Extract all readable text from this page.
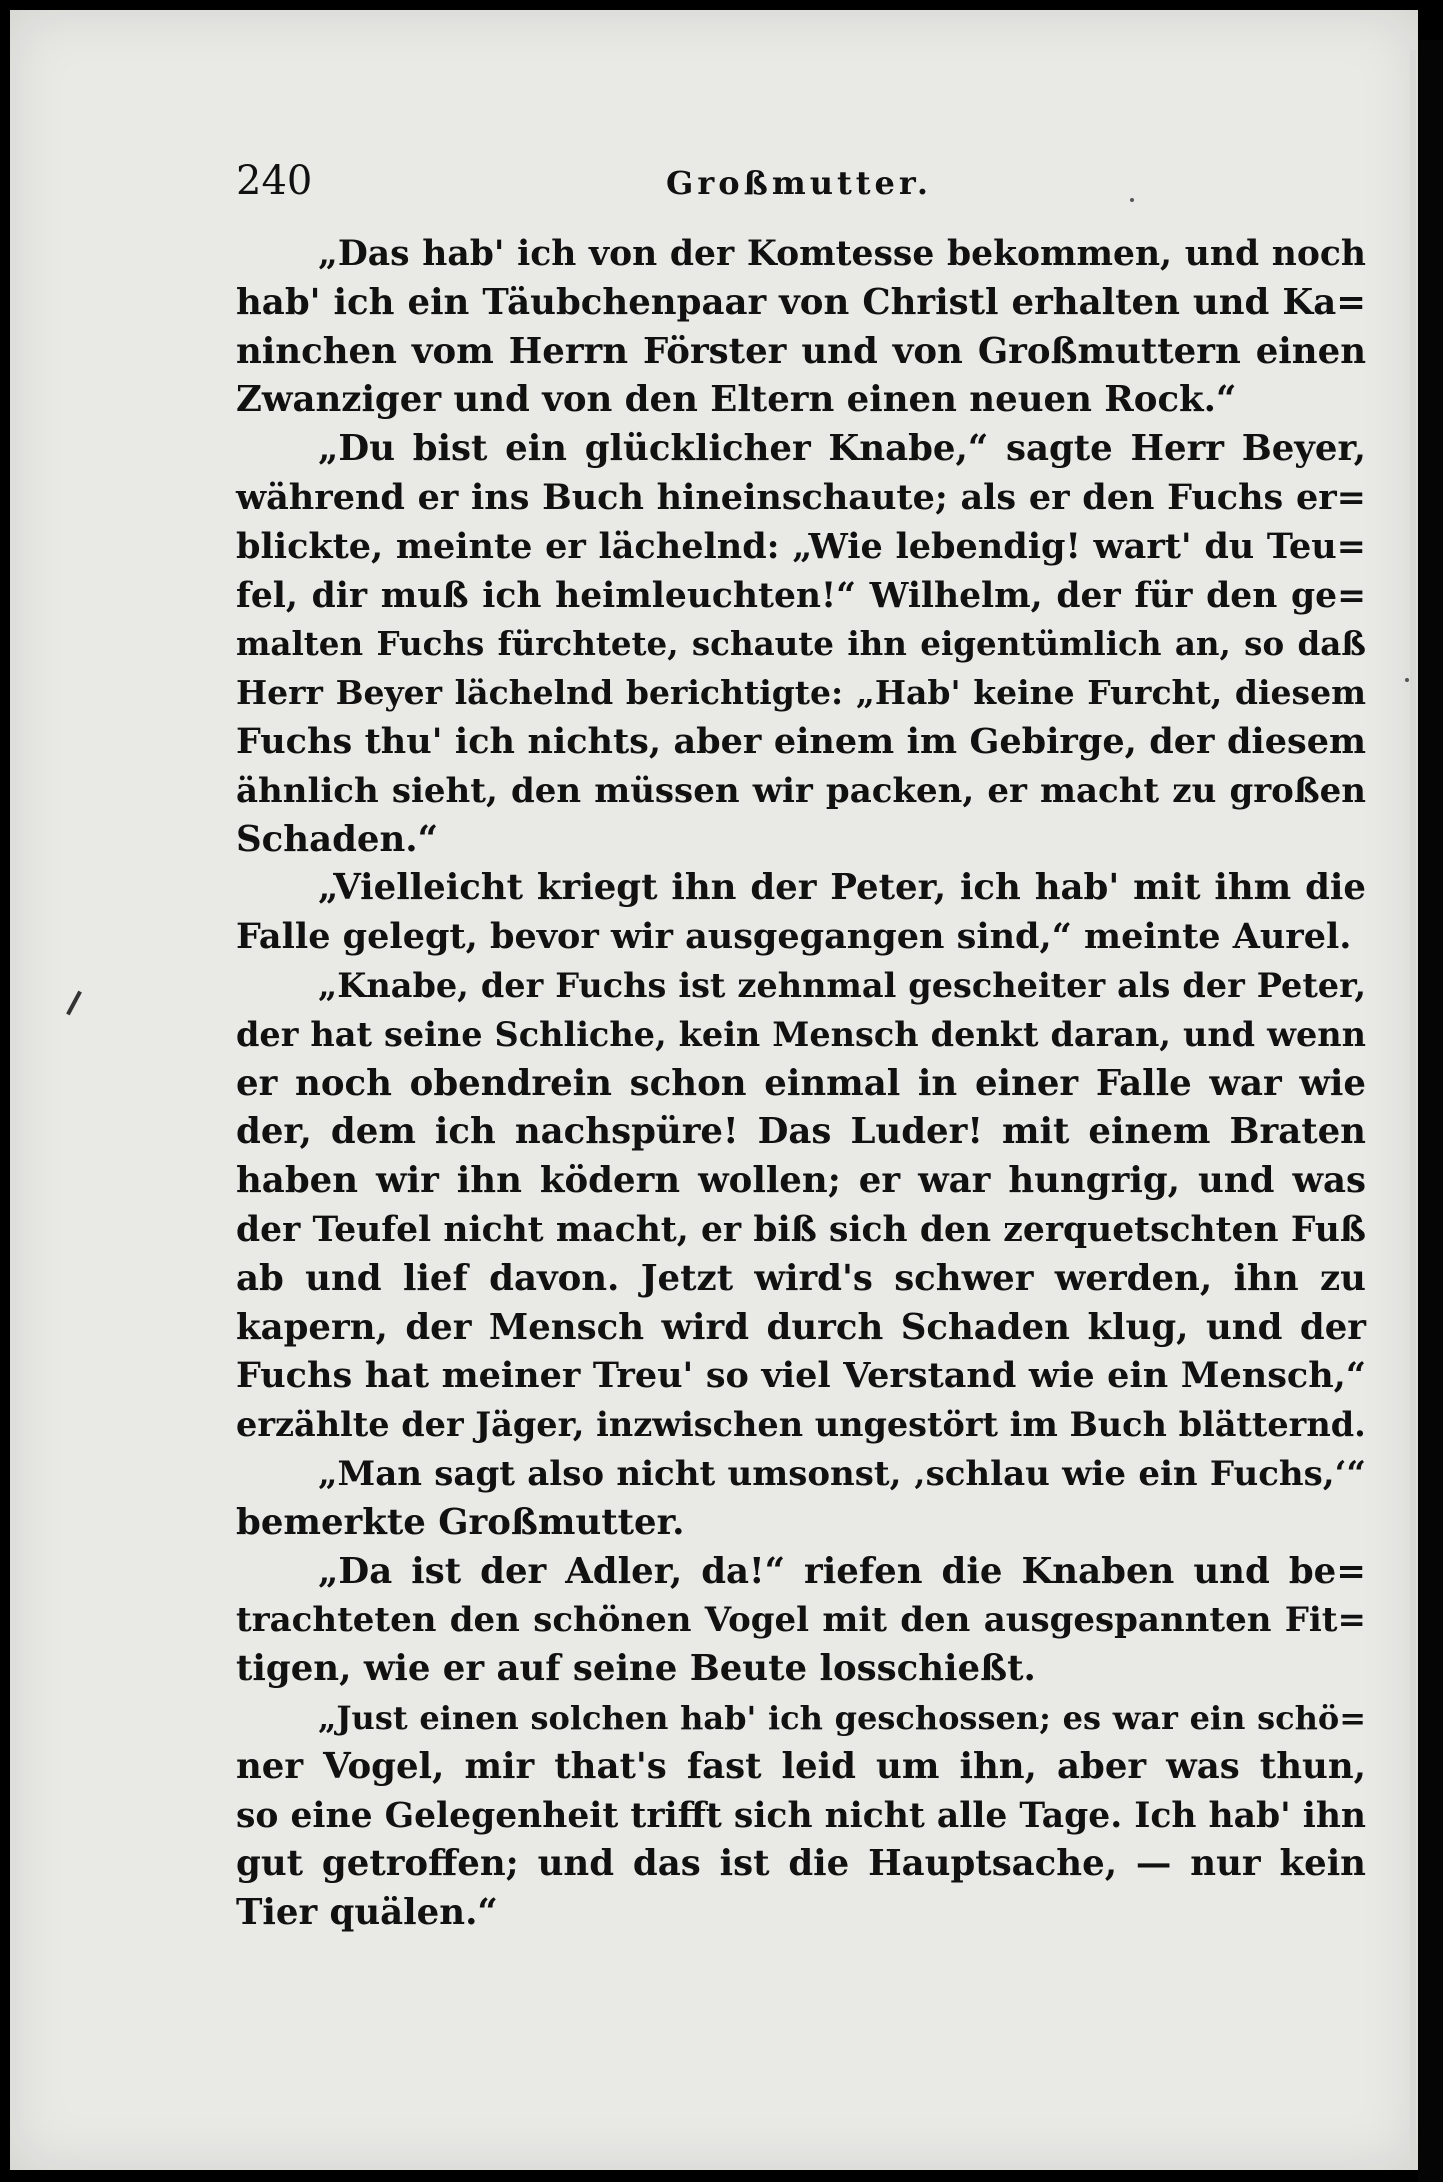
240	Großmutter.
„Das hab' ich von der Komtesse bekommen, und noch
hab' ich ein Täubchenpaar von Christl erhalten und Ka=
ninchen vom Herrn Förster und von Großmuttern einen
Zwanziger und von den Eltern einen neuen Rock.“
„Du bist ein glücklicher Knabe,“ sagte Herr Beyer,
während er ins Buch hineinschaute; als er den Fuchs er=
blickte, meinte er lächelnd: „Wie lebendig! wart' du Teu=
fel, dir muß ich heimleuchten!“ Wilhelm, der für den ge=
malten Fuchs fürchtete, schaute ihn eigentümlich an, so daß
Herr Beyer lächelnd berichtigte: „Hab' keine Furcht, diesem
Fuchs thu' ich nichts, aber einem im Gebirge, der diesem
ähnlich sieht, den müssen wir packen, er macht zu großen
Schaden.“
„Vielleicht kriegt ihn der Peter, ich hab' mit ihm die
Falle gelegt, bevor wir ausgegangen sind,“ meinte Aurel.
„Knabe, der Fuchs ist zehnmal gescheiter als der Peter,
der hat seine Schliche, kein Mensch denkt daran, und wenn
er noch obendrein schon einmal in einer Falle war wie
der, dem ich nachspüre! Das Luder! mit einem Braten
haben wir ihn ködern wollen; er war hungrig, und was
der Teufel nicht macht, er biß sich den zerquetschten Fuß
ab und lief davon. Jetzt wird's schwer werden, ihn zu
kapern, der Mensch wird durch Schaden klug, und der
Fuchs hat meiner Treu' so viel Verstand wie ein Mensch,“
erzählte der Jäger, inzwischen ungestört im Buch blätternd.
„Man sagt also nicht umsonst, ‚schlau wie ein Fuchs,‘“
bemerkte Großmutter.
„Da ist der Adler, da!“ riefen die Knaben und be=
trachteten den schönen Vogel mit den ausgespannten Fit=
tigen, wie er auf seine Beute losschießt.
„Just einen solchen hab' ich geschossen; es war ein schö=
ner Vogel, mir that's fast leid um ihn, aber was thun,
so eine Gelegenheit trifft sich nicht alle Tage. Ich hab' ihn
gut getroffen; und das ist die Hauptsache, — nur kein
Tier quälen.“
